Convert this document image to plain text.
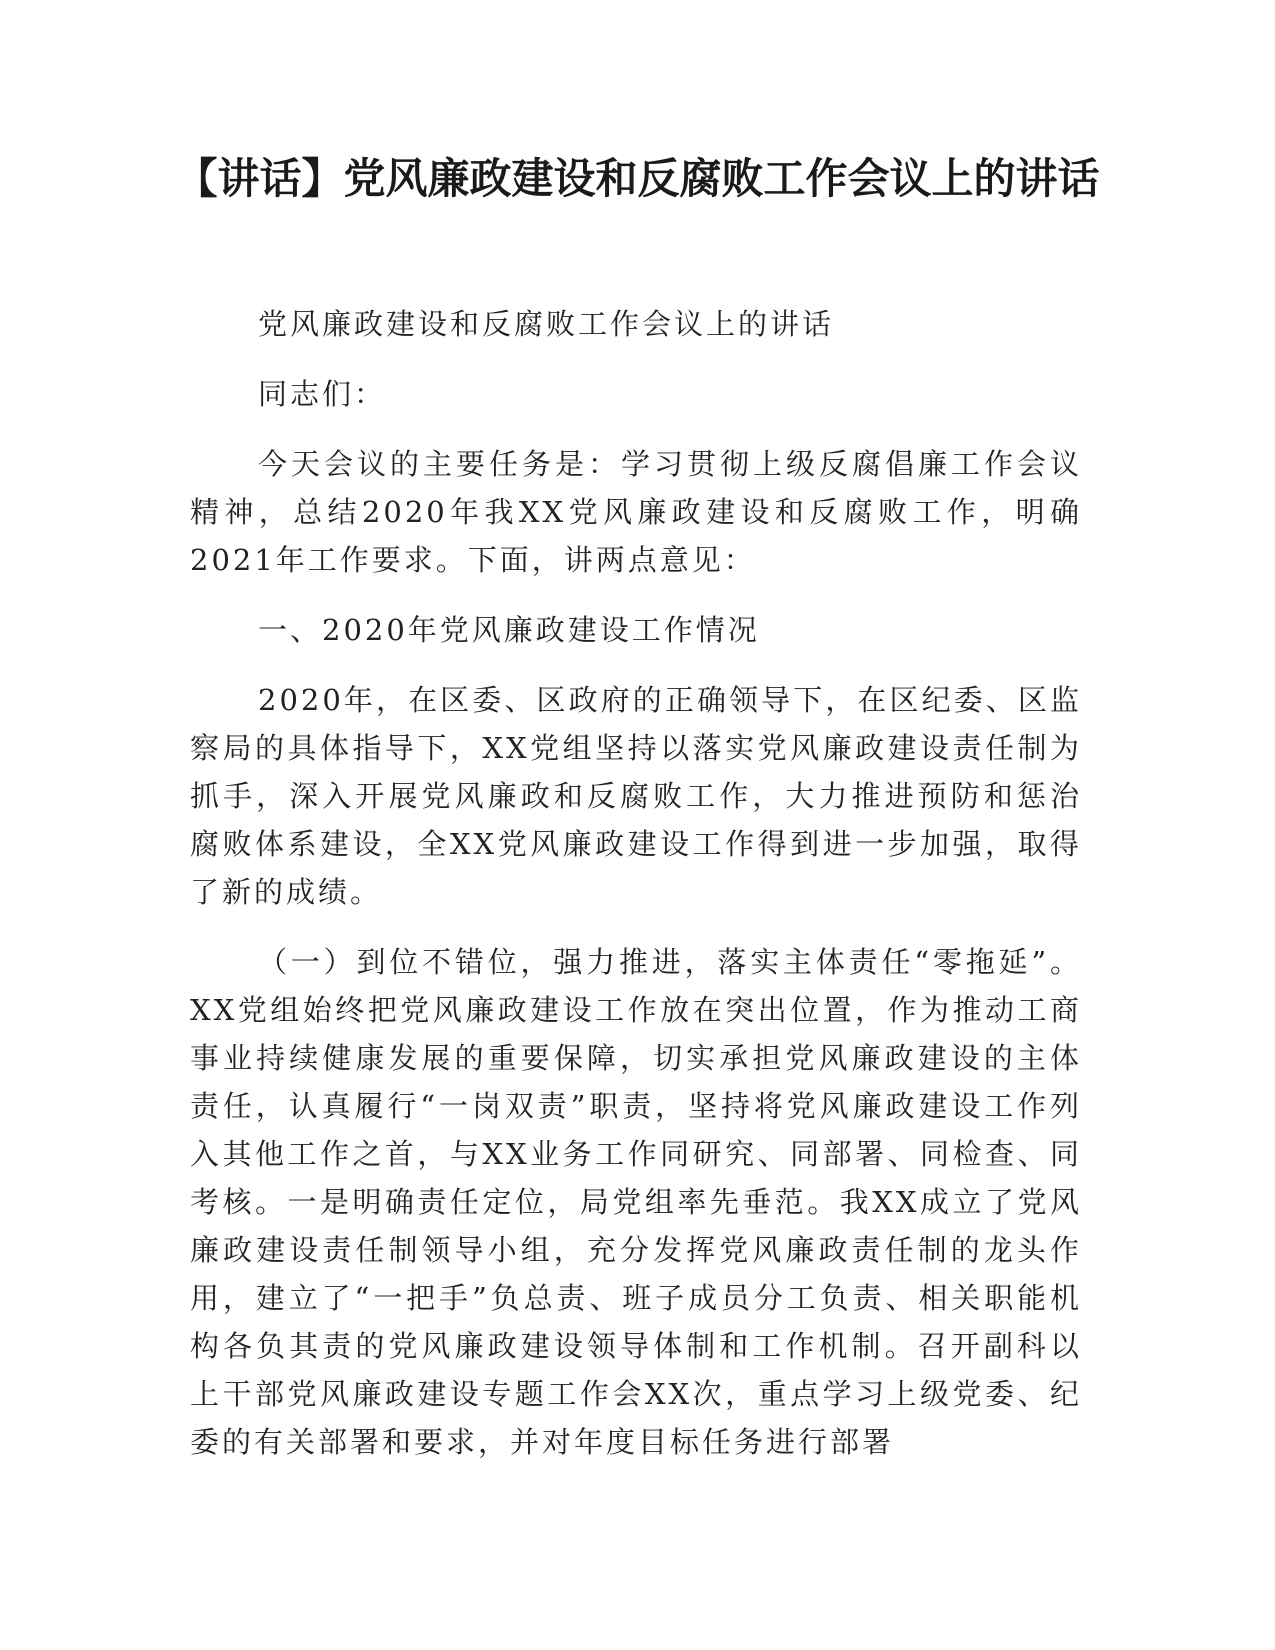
【讲话】党风廉政建设和反腐败工作会议上的讲话

党风廉政建设和反腐败工作会议上的讲话

同志们：

今天会议的主要任务是：学习贯彻上级反腐倡廉工作会议精神，总结2020年我XX党风廉政建设和反腐败工作，明确2021年工作要求。下面，讲两点意见：

一、2020年党风廉政建设工作情况

2020年，在区委、区政府的正确领导下，在区纪委、区监察局的具体指导下，XX党组坚持以落实党风廉政建设责任制为抓手，深入开展党风廉政和反腐败工作，大力推进预防和惩治腐败体系建设，全XX党风廉政建设工作得到进一步加强，取得了新的成绩。

（一）到位不错位，强力推进，落实主体责任“零拖延”。XX党组始终把党风廉政建设工作放在突出位置，作为推动工商事业持续健康发展的重要保障，切实承担党风廉政建设的主体责任，认真履行“一岗双责”职责，坚持将党风廉政建设工作列入其他工作之首，与XX业务工作同研究、同部署、同检查、同考核。一是明确责任定位，局党组率先垂范。我XX成立了党风廉政建设责任制领导小组，充分发挥党风廉政责任制的龙头作用，建立了“一把手”负总责、班子成员分工负责、相关职能机构各负其责的党风廉政建设领导体制和工作机制。召开副科以上干部党风廉政建设专题工作会XX次，重点学习上级党委、纪委的有关部署和要求，并对年度目标任务进行部署
